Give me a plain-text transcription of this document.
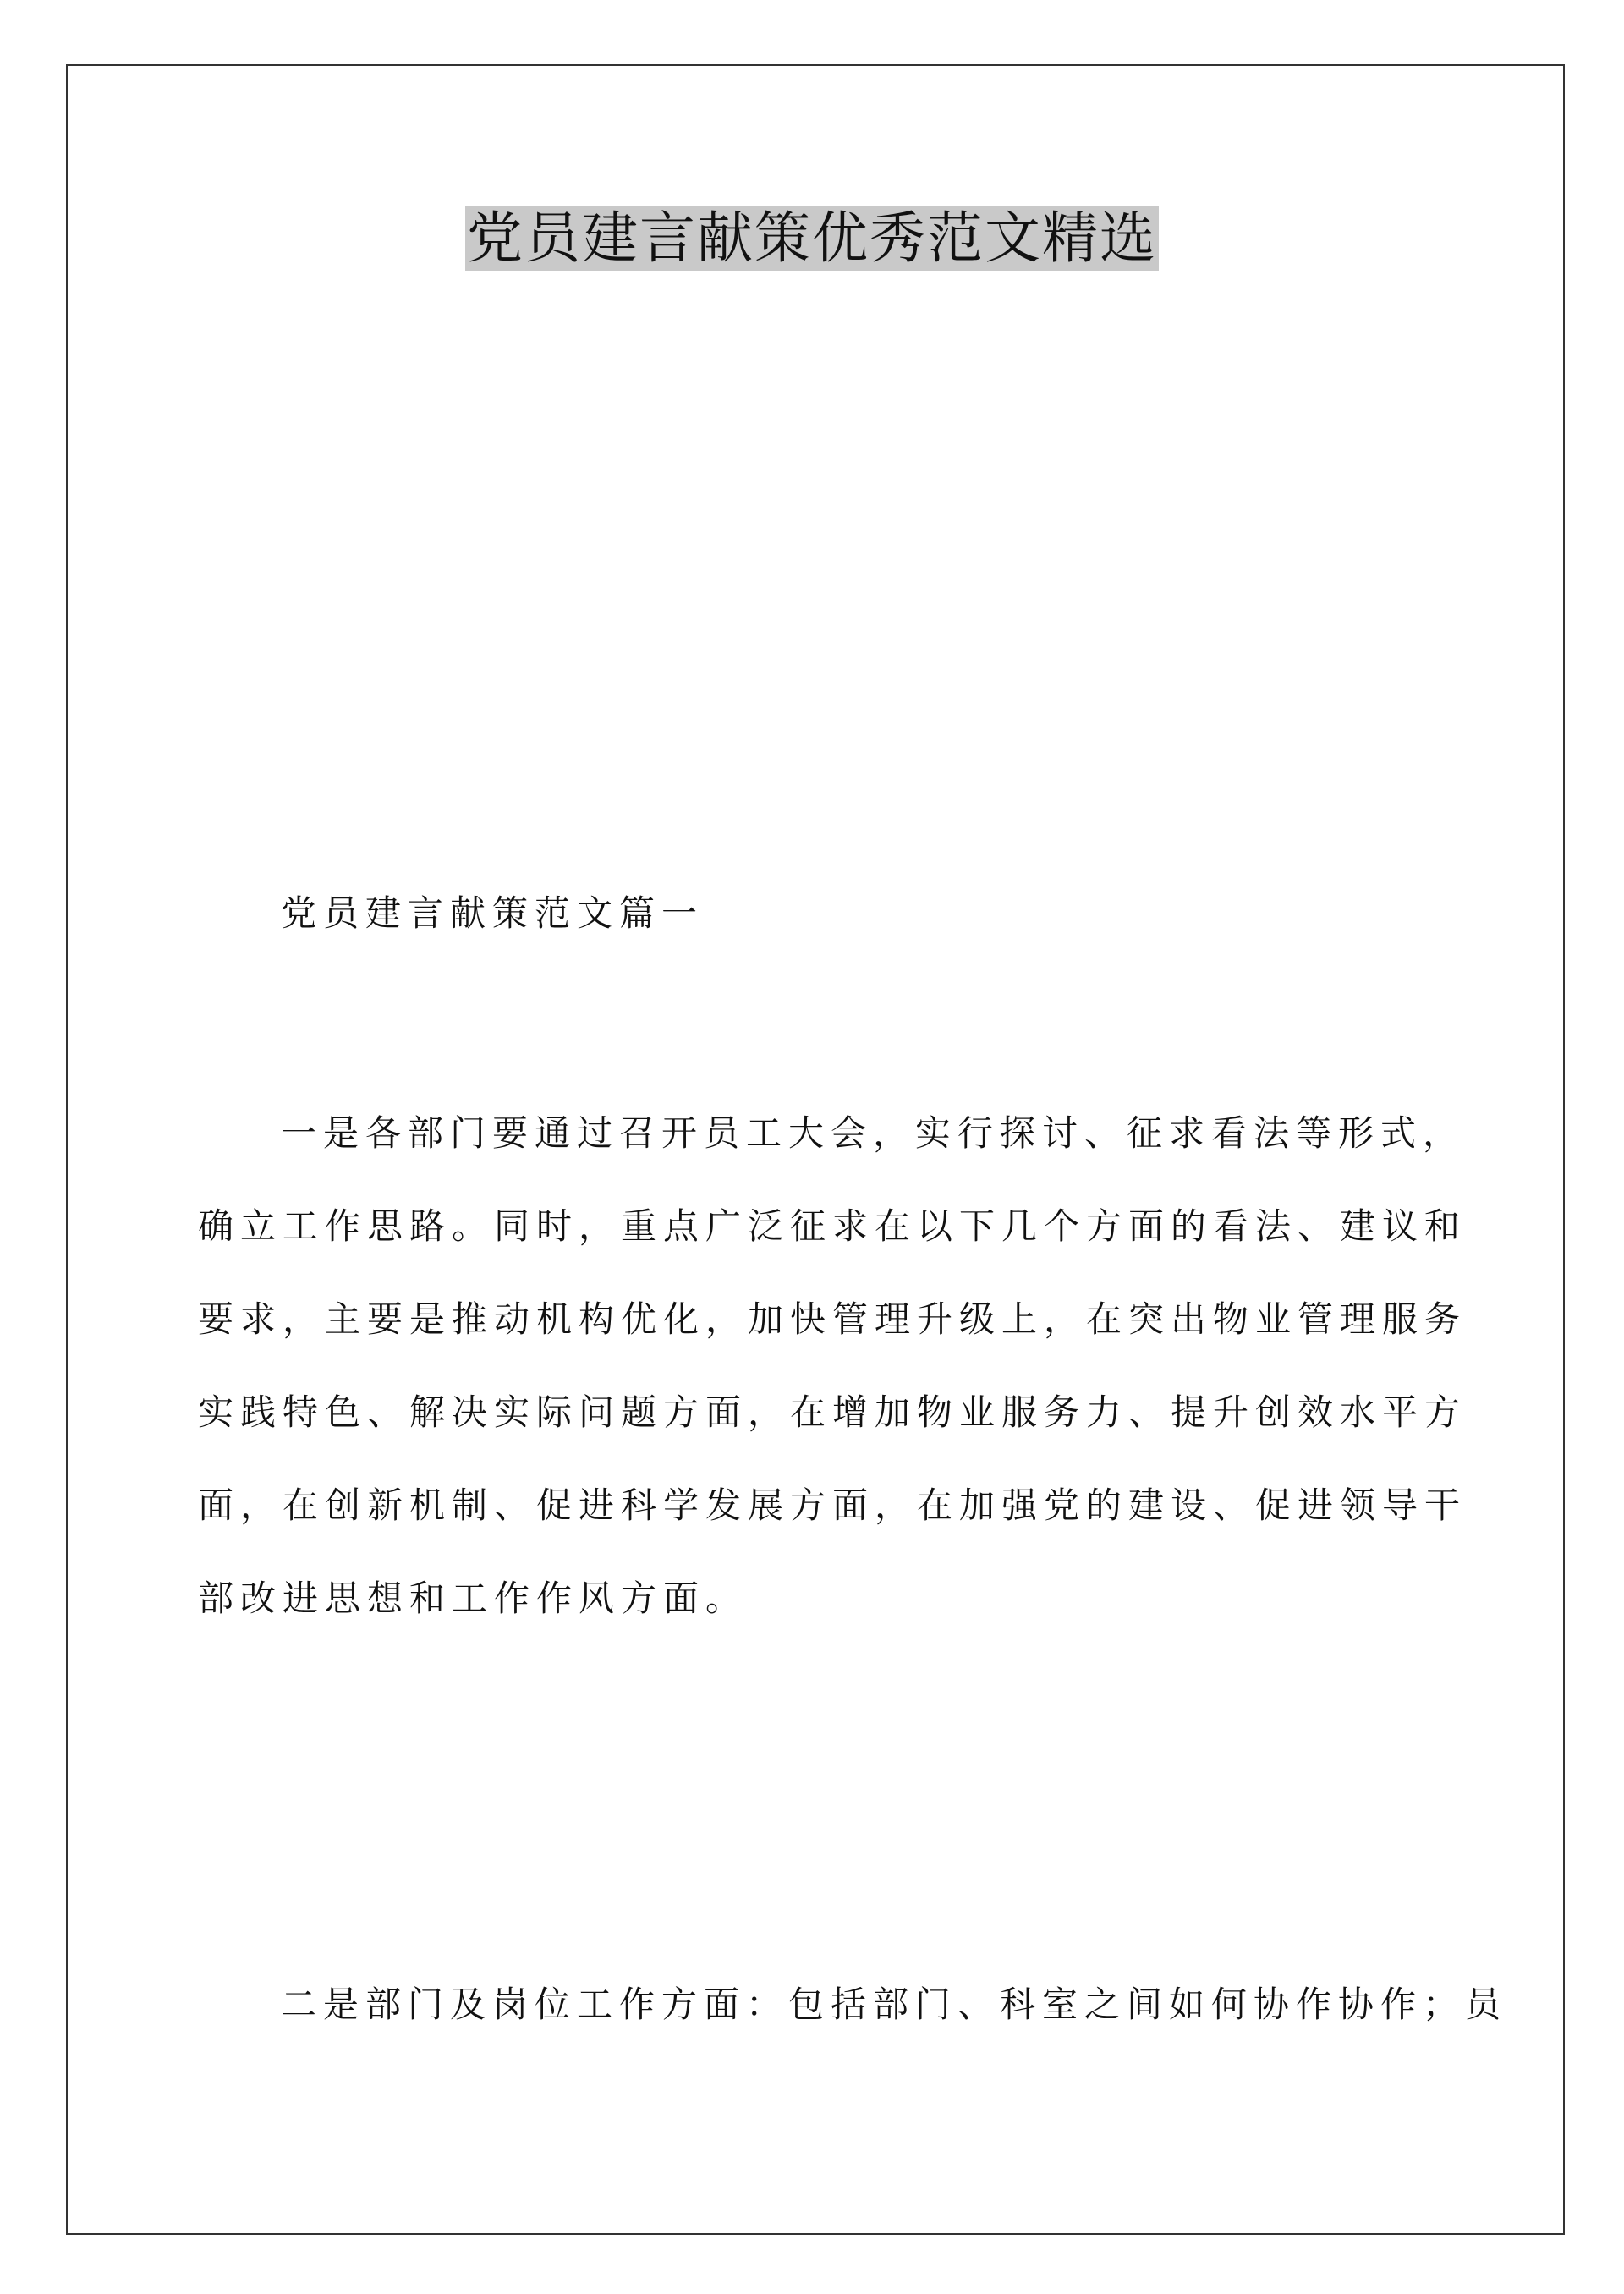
党员建言献策优秀范文精选
党员建言献策范文篇一
一是各部门要通过召开员工大会，实行探讨、征求看法等形式，
确立工作思路。同时，重点广泛征求在以下几个方面的看法、建议和
要求，主要是推动机构优化，加快管理升级上，在突出物业管理服务
实践特色、解决实际问题方面，在增加物业服务力、提升创效水平方
面，在创新机制、促进科学发展方面，在加强党的建设、促进领导干
部改进思想和工作作风方面。
二是部门及岗位工作方面：包括部门、科室之间如何协作协作；员
